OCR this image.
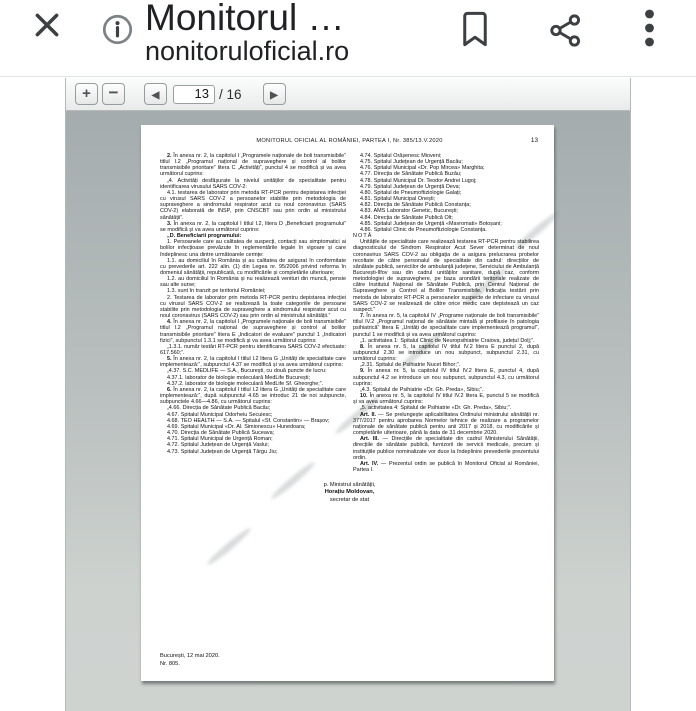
Monitorul …
nonitoruloficial.ro
+	−	◀
13	/ 16	▶
MONITORUL OFICIAL AL ROMÂNIEI, PARTEA I, Nr. 385/13.V.2020	13

2. În anexa nr. 2, la capitolul I „Programele naționale de boli transmisibile” titlul I.2 „Programul național de supraveghere și control al bolilor transmisibile prioritare” litera C „Activități”, punctul 4 se modifică și va avea următorul cuprins:

„4. Activități desfășurate la nivelul unităților de specialitate pentru identificarea virusului SARS COV-2:

4.1. testarea de laborator prin metoda RT-PCR pentru depistarea infecției cu virusul SARS COV-2 a persoanelor stabilite prin metodologia de supraveghere a sindromului respirator acut cu noul coronavirus (SARS COV-2) elaborată de INSP, prin CNSCBT sau prin ordin al ministrului sănătății”.

3. În anexa nr. 2, la capitolul I titlul I.2, litera D „Beneficiarii programului” se modifică și va avea următorul cuprins:

„D. Beneficiarii programului:

1. Persoanele care au calitatea de suspecți, contacți sau simptomatici ai bolilor infecțioase prevăzute în reglementările legale în vigoare și care îndeplinesc una dintre următoarele cerințe:

1.1. au domiciliul în România și au calitatea de asigurat în conformitate cu prevederile art. 222 alin. (1) din Legea nr. 95/2006 privind reforma în domeniul sănătății, republicată, cu modificările și completările ulterioare;

1.2. au domiciliul în România și nu realizează venituri din muncă, pensie sau alte surse;

1.3. sunt în tranzit pe teritoriul României;

2. Testarea de laborator prin metoda RT-PCR pentru depistarea infecției cu virusul SARS COV-2 se realizează la toate categoriile de persoane stabilite prin metodologia de supraveghere a sindromului respirator acut cu noul coronavirus (SARS COV-2) sau prin ordin al ministrului sănătății.”

4. În anexa nr. 2, la capitolul I „Programele naționale de boli transmisibile” titlul I.2 „Programul național de supraveghere și control al bolilor transmisibile prioritare” litera E „Indicatori de evaluare” punctul 1 „Indicatori fizici”, subpunctul 1.3.1 se modifică și va avea următorul cuprins:

„1.3.1. număr testări RT-PCR pentru identificarea SARS COV-2 efectuate: 617.560;”.

5. În anexa nr. 2, la capitolul I titlul I.2 litera G „Unități de specialitate care implementează:”, subpunctul 4.37 se modifică și va avea următorul cuprins:

„4.37. S.C. MEDLIFE — S.A., București, cu două puncte de lucru:

4.37.1. laborator de biologie moleculară MedLife București;

4.37.2. laborator de biologie moleculară MedLife Sf. Gheorghe;”.

6. În anexa nr. 2, la capitolul I titlul I.2 litera G „Unități de specialitate care implementează:”, după subpunctul 4.65 se introduc 21 de noi subpuncte, subpunctele 4.66—4.86, cu următorul cuprins:

„4.66. Direcția de Sănătate Publică Bacău;

4.67. Spitalul Municipal Odorheiu Secuiesc;

4.68. TEO HEALTH — S.A. — Spitalul «Sf. Constantin» — Brașov;

4.69. Spitalul Municipal «Dr. Al. Simionescu» Hunedoara;

4.70. Direcția de Sănătate Publică Suceava;

4.71. Spitalul Municipal de Urgență Roman;

4.72. Spitalul Județean de Urgență Vaslui;

4.73. Spitalul Județean de Urgență Târgu Jiu;

4.74. Spitalul Orășenesc Mioveni;

4.75. Spitalul Județean de Urgență Bacău;

4.76. Spitalul Municipal «Dr. Pop Mircea» Marghita;

4.77. Direcția de Sănătate Publică Buzău;

4.78. Spitalul Municipal Dr. Teodor Andrei Lugoj;

4.79. Spitalul Județean de Urgență Deva;

4.80. Spitalul de Pneumoftiziologie Galați;

4.81. Spitalul Municipal Onești;

4.82. Direcția de Sănătate Publică Constanța;

4.83. AMS Laborator Genetic, București;

4.84. Direcția de Sănătate Publică Olt;

4.85. Spitalul Județean de Urgență «Mavromati» Botoșani;

4.86. Spitalul Clinic de Pneumoftiziologie Constanța.

NOTĂ

Unitățile de specialitate care realizează testarea RT-PCR pentru stabilirea diagnosticului de Sindrom Respirator Acut Sever determinat de noul coronavirus SARS COV-2 au obligația de a asigura prelucrarea probelor recoltate de către personalul de specialitate din cadrul: direcțiilor de sănătate publică, serviciilor de ambulanță județene, Serviciului de Ambulanță București-Ilfov sau din cadrul unităților sanitare, după caz, conform metodologiei de supraveghere, pe baza arondării teritoriale realizate de către Institutul Național de Sănătate Publică, prin Centrul Național de Supraveghere și Control al Bolilor Transmisibile. Indicația testării prin metoda de laborator RT-PCR a persoanelor suspecte de infectare cu virusul SARS COV-2 se realizează de către orice medic care depistează un caz suspect.”

7. În anexa nr. 5, la capitolul IV „Programe naționale de boli transmisibile” titlul IV.2 „Programul național de sănătate mintală și profilaxie în patologia psihiatrică” litera E „Unități de specialitate care implementează programul”, punctul 1 se modifică și va avea următorul cuprins:

„1. activitatea 1: Spitalul Clinic de Neuropsihiatrie Craiova, județul Dolj;”.

8. În anexa nr. 5, la capitolul IV titlul IV.2 litera E punctul 2, după subpunctul 2.30 se introduce un nou subpunct, subpunctul 2.31, cu următorul cuprins:

„2.31. Spitalul de Psihiatrie Nucet Bihor;”.

9. În anexa nr. 5, la capitolul IV titlul IV.2 litera E, punctul 4, după subpunctul 4.2 se introduce un nou subpunct, subpunctul 4.3, cu următorul cuprins:

„4.3. Spitalul de Psihiatrie «Dr. Gh. Preda», Sibiu;”.

10. În anexa nr. 5, la capitolul IV titlul IV.2 litera E, punctul 5 se modifică și va avea următorul cuprins:

„5. activitatea 4: Spitalul de Psihiatrie «Dr. Gh. Preda», Sibiu;”.

Art. II. — Se prelungește aplicabilitatea Ordinului ministrului sănătății nr. 377/2017 pentru aprobarea Normelor tehnice de realizare a programelor naționale de sănătate publică pentru anii 2017 și 2018, cu modificările și completările ulterioare, până la data de 31 decembrie 2020.

Art. III. — Direcțiile de specialitate din cadrul Ministerului Sănătății, direcțiile de sănătate publică, furnizorii de servicii medicale, precum și instituțiile publice nominalizate vor duce la îndeplinire prevederile prezentului ordin.

Art. IV. — Prezentul ordin se publică în Monitorul Oficial al României, Partea I.

p. Ministrul sănătății,
Horațiu Moldovan,
secretar de stat
București, 12 mai 2020.
Nr. 805.
